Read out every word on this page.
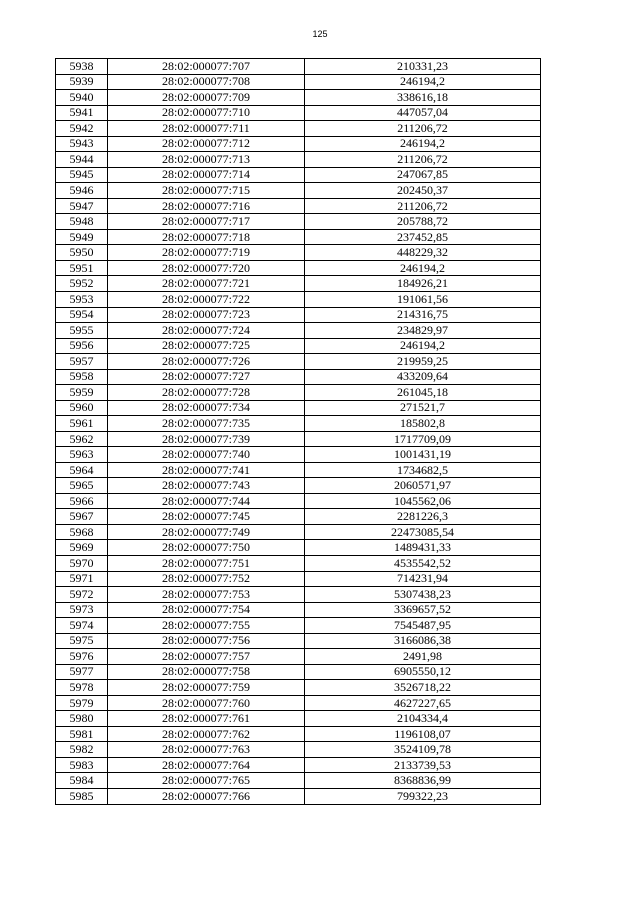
125
5938	28:02:000077:707	210331,23
5939	28:02:000077:708	246194,2
5940	28:02:000077:709	338616,18
5941	28:02:000077:710	447057,04
5942	28:02:000077:711	211206,72
5943	28:02:000077:712	246194,2
5944	28:02:000077:713	211206,72
5945	28:02:000077:714	247067,85
5946	28:02:000077:715	202450,37
5947	28:02:000077:716	211206,72
5948	28:02:000077:717	205788,72
5949	28:02:000077:718	237452,85
5950	28:02:000077:719	448229,32
5951	28:02:000077:720	246194,2
5952	28:02:000077:721	184926,21
5953	28:02:000077:722	191061,56
5954	28:02:000077:723	214316,75
5955	28:02:000077:724	234829,97
5956	28:02:000077:725	246194,2
5957	28:02:000077:726	219959,25
5958	28:02:000077:727	433209,64
5959	28:02:000077:728	261045,18
5960	28:02:000077:734	271521,7
5961	28:02:000077:735	185802,8
5962	28:02:000077:739	1717709,09
5963	28:02:000077:740	1001431,19
5964	28:02:000077:741	1734682,5
5965	28:02:000077:743	2060571,97
5966	28:02:000077:744	1045562,06
5967	28:02:000077:745	2281226,3
5968	28:02:000077:749	22473085,54
5969	28:02:000077:750	1489431,33
5970	28:02:000077:751	4535542,52
5971	28:02:000077:752	714231,94
5972	28:02:000077:753	5307438,23
5973	28:02:000077:754	3369657,52
5974	28:02:000077:755	7545487,95
5975	28:02:000077:756	3166086,38
5976	28:02:000077:757	2491,98
5977	28:02:000077:758	6905550,12
5978	28:02:000077:759	3526718,22
5979	28:02:000077:760	4627227,65
5980	28:02:000077:761	2104334,4
5981	28:02:000077:762	1196108,07
5982	28:02:000077:763	3524109,78
5983	28:02:000077:764	2133739,53
5984	28:02:000077:765	8368836,99
5985	28:02:000077:766	799322,23
